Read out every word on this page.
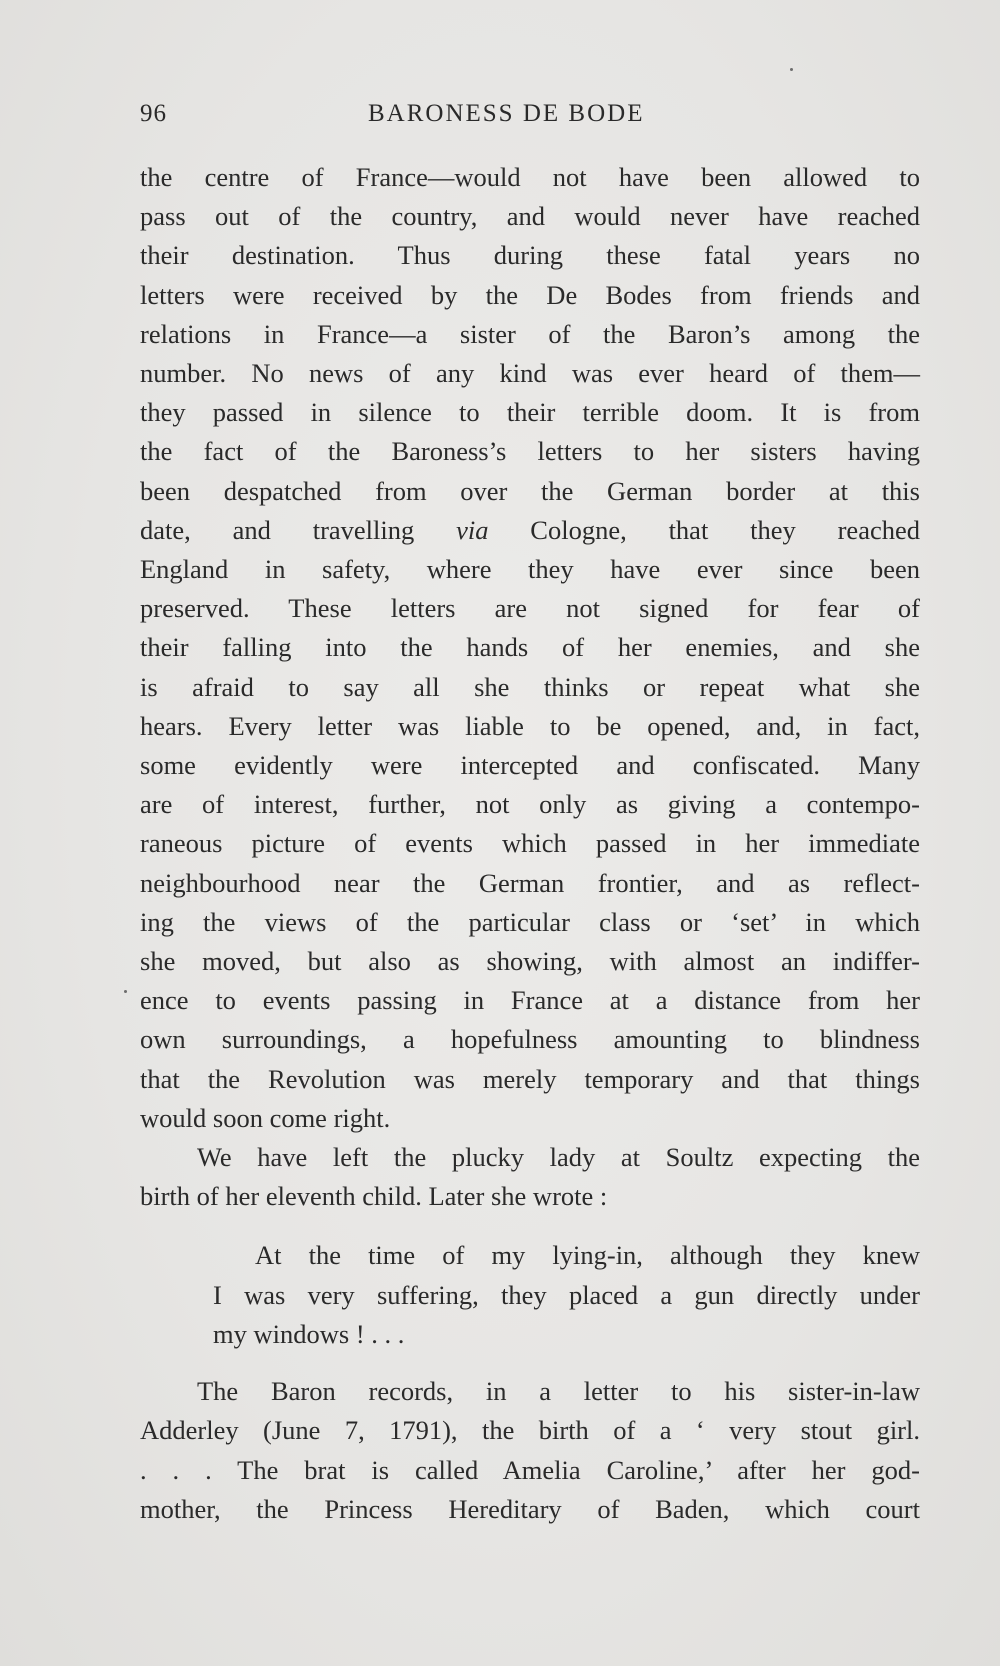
96	BARONESS DE BODE

the centre of France—would not have been allowed to
pass out of the country, and would never have reached
their destination. Thus during these fatal years no
letters were received by the De Bodes from friends and
relations in France—a sister of the Baron’s among the
number. No news of any kind was ever heard of them—
they passed in silence to their terrible doom. It is from
the fact of the Baroness’s letters to her sisters having
been despatched from over the German border at this
date, and travelling via Cologne, that they reached
England in safety, where they have ever since been
preserved. These letters are not signed for fear of
their falling into the hands of her enemies, and she
is afraid to say all she thinks or repeat what she
hears. Every letter was liable to be opened, and, in fact,
some evidently were intercepted and confiscated. Many
are of interest, further, not only as giving a contempo-
raneous picture of events which passed in her immediate
neighbourhood near the German frontier, and as reflect-
ing the views of the particular class or ‘set’ in which
she moved, but also as showing, with almost an indiffer-
ence to events passing in France at a distance from her
own surroundings, a hopefulness amounting to blindness
that the Revolution was merely temporary and that things
would soon come right.

We have left the plucky lady at Soultz expecting the
birth of her eleventh child. Later she wrote :

At the time of my lying-in, although they knew
I was very suffering, they placed a gun directly under
my windows ! . . .

The Baron records, in a letter to his sister-in-law
Adderley (June 7, 1791), the birth of a ‘ very stout girl.
. . . The brat is called Amelia Caroline,’ after her god-
mother, the Princess Hereditary of Baden, which court
